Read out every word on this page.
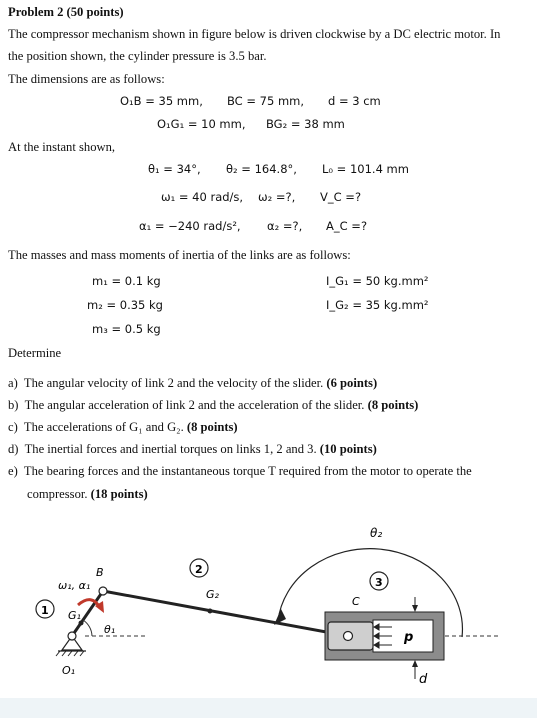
Problem 2 (50 points)
The compressor mechanism shown in figure below is driven clockwise by a DC electric motor. In
the position shown, the cylinder pressure is 3.5 bar.
The dimensions are as follows:
O₁B = 35 mm, BC = 75 mm, d = 3 cm
O₁G₁ = 10 mm, BG₂ = 38 mm
At the instant shown,
θ₁ = 34°, θ₂ = 164.8°, L₀ = 101.4 mm
ω₁ = 40 rad/s, ω₂ =?, V_C =?
α₁ = −240 rad/s², α₂ =?, A_C =?
The masses and mass moments of inertia of the links are as follows:
m₁ = 0.1 kg
m₂ = 0.35 kg
m₃ = 0.5 kg
I_G₁ = 50 kg.mm²
I_G₂ = 35 kg.mm²
Determine
a) The angular velocity of link 2 and the velocity of the slider. (6 points)
b) The angular acceleration of link 2 and the acceleration of the slider. (8 points)
c) The accelerations of G₁ and G₂. (8 points)
d) The inertial forces and inertial torques on links 1, 2 and 3. (10 points)
e) The bearing forces and the instantaneous torque T required from the motor to operate the
compressor. (18 points)
θ₂
θ₁
O₁
B
G₁
ω₁, α₁
1
2
G₂
3
C
p
d
